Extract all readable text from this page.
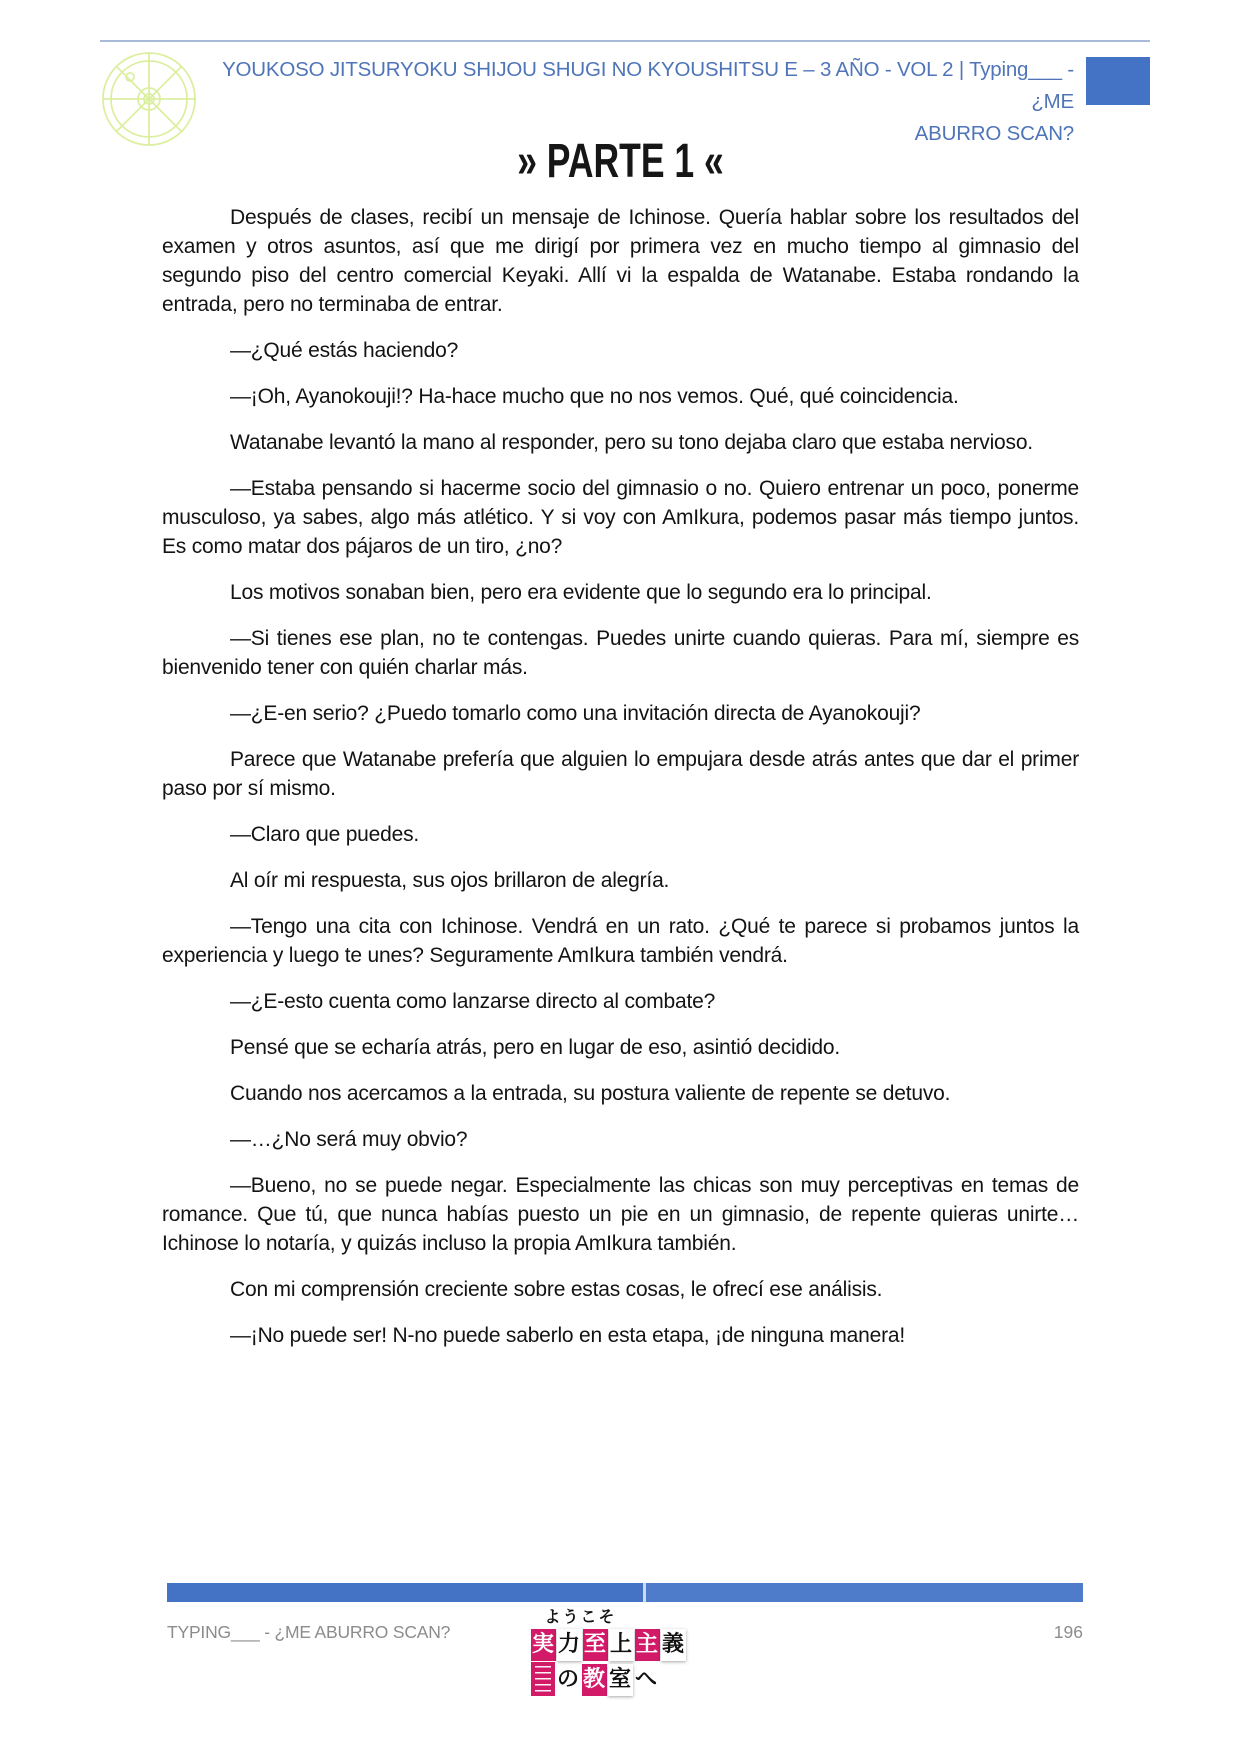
YOUKOSO JITSURYOKU SHIJOU SHUGI NO KYOUSHITSU E – 3 AÑO - VOL 2 | Typing___ - ¿ME
ABURRO SCAN?
» PARTE 1 «

Después de clases, recibí un mensaje de Ichinose. Quería hablar sobre los resultados del examen y otros asuntos, así que me dirigí por primera vez en mucho tiempo al gimnasio del segundo piso del centro comercial Keyaki. Allí vi la espalda de Watanabe. Estaba rondando la entrada, pero no terminaba de entrar.

—¿Qué estás haciendo?

—¡Oh, Ayanokouji!? Ha-hace mucho que no nos vemos. Qué, qué coincidencia.

Watanabe levantó la mano al responder, pero su tono dejaba claro que estaba nervioso.

—Estaba pensando si hacerme socio del gimnasio o no. Quiero entrenar un poco, ponerme musculoso, ya sabes, algo más atlético. Y si voy con AmIkura, podemos pasar más tiempo juntos. Es como matar dos pájaros de un tiro, ¿no?

Los motivos sonaban bien, pero era evidente que lo segundo era lo principal.

—Si tienes ese plan, no te contengas. Puedes unirte cuando quieras. Para mí, siempre es bienvenido tener con quién charlar más.

—¿E-en serio? ¿Puedo tomarlo como una invitación directa de Ayanokouji?

Parece que Watanabe prefería que alguien lo empujara desde atrás antes que dar el primer paso por sí mismo.

—Claro que puedes.

Al oír mi respuesta, sus ojos brillaron de alegría.

—Tengo una cita con Ichinose. Vendrá en un rato. ¿Qué te parece si probamos juntos la experiencia y luego te unes? Seguramente AmIkura también vendrá.

—¿E-esto cuenta como lanzarse directo al combate?

Pensé que se echaría atrás, pero en lugar de eso, asintió decidido.

Cuando nos acercamos a la entrada, su postura valiente de repente se detuvo.

—…¿No será muy obvio?

—Bueno, no se puede negar. Especialmente las chicas son muy perceptivas en temas de romance. Que tú, que nunca habías puesto un pie en un gimnasio, de repente quieras unirte… Ichinose lo notaría, y quizás incluso la propia AmIkura también.

Con mi comprensión creciente sobre estas cosas, le ofrecí ese análisis.

—¡No puede ser! N-no puede saberlo en esta etapa, ¡de ninguna manera!

TYPING___ - ¿ME ABURRO SCAN?	196
ようこそ
実 力 至 上 主 義
の 教 室 へ
